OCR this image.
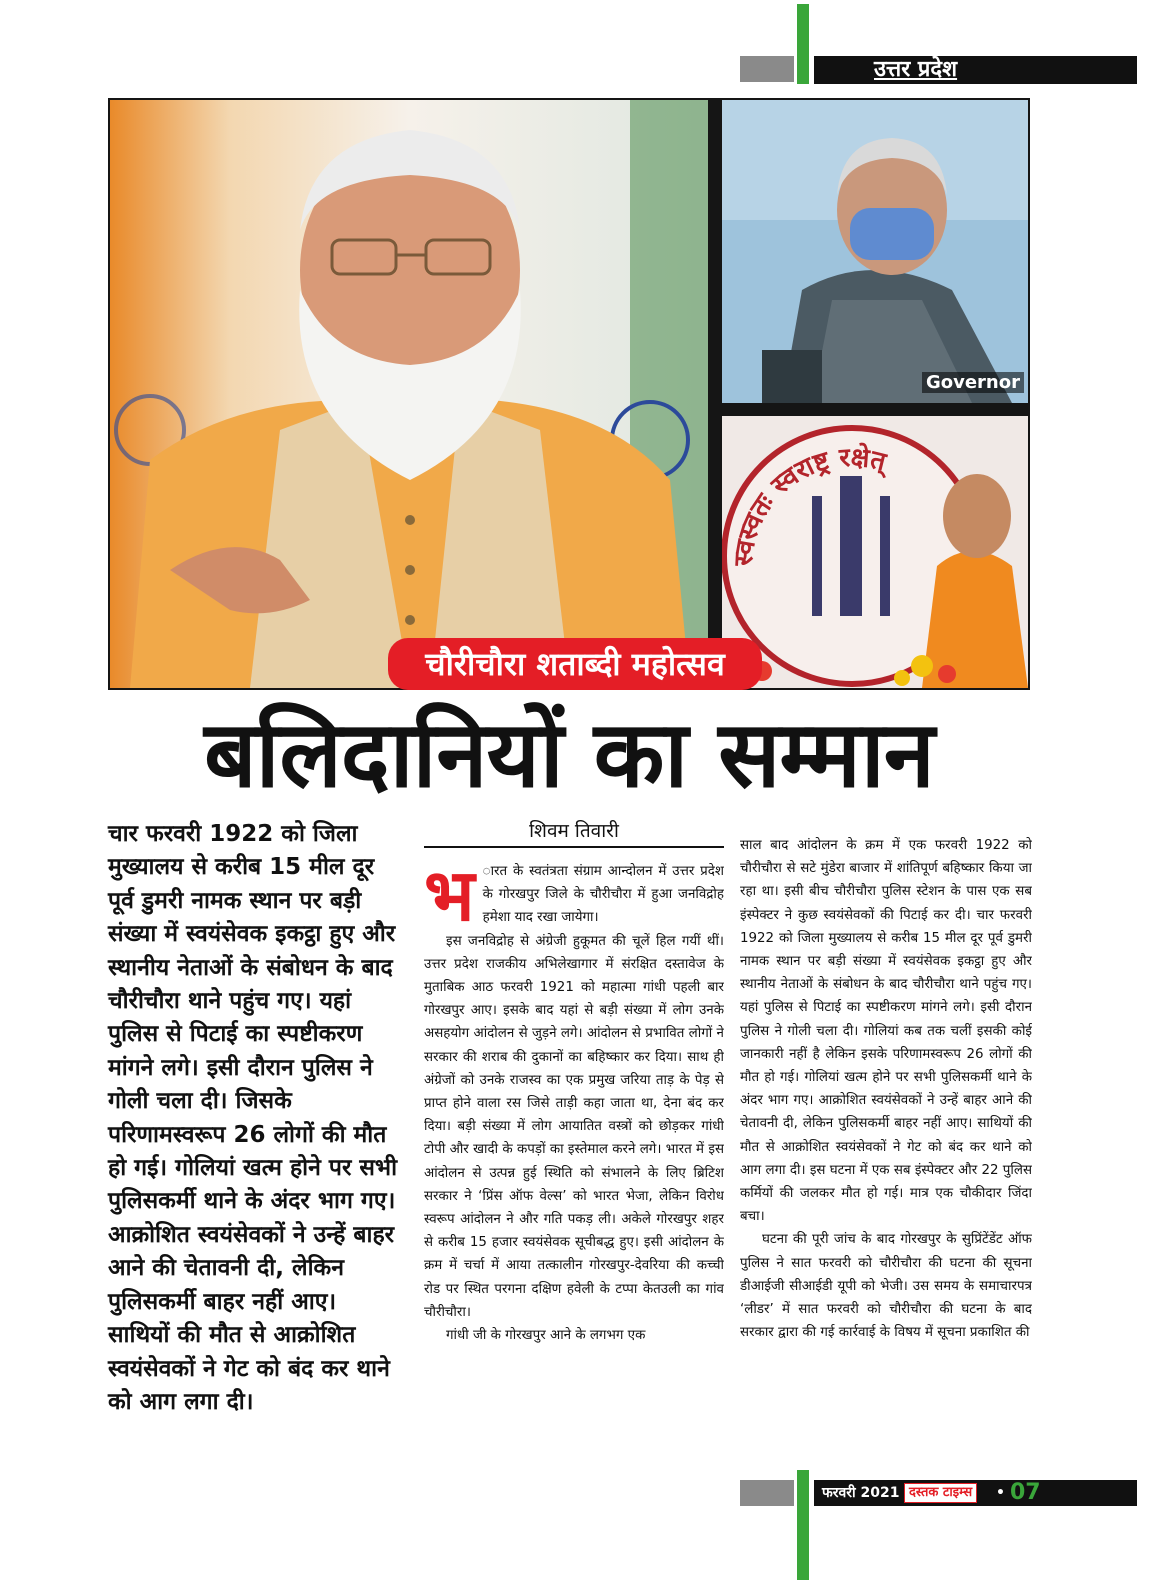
उत्तर प्रदेश
Governor
स्वस्वतः स्वराष्ट्र रक्षेत्
चौरीचौरा शताब्दी महोत्सव
बलिदानियों का सम्मान
चार फरवरी 1922 को जिला मुख्यालय से करीब 15 मील दूर पूर्व डुमरी नामक स्थान पर बड़ी संख्या में स्वयंसेवक इकट्ठा हुए और स्थानीय नेताओं के संबोधन के बाद चौरीचौरा थाने पहुंच गए। यहां पुलिस से पिटाई का स्पष्टीकरण मांगने लगे। इसी दौरान पुलिस ने गोली चला दी। जिसके परिणामस्वरूप 26 लोगों की मौत हो गई। गोलियां खत्म होने पर सभी पुलिसकर्मी थाने के अंदर भाग गए। आक्रोशित स्वयंसेवकों ने उन्हें बाहर आने की चेतावनी दी, लेकिन पुलिसकर्मी बाहर नहीं आए। साथियों की मौत से आक्रोशित स्वयंसेवकों ने गेट को बंद कर थाने को आग लगा दी।
शिवम तिवारी
भ ारत के स्वतंत्रता संग्राम आन्दोलन में उत्तर प्रदेश के गोरखपुर जिले के चौरीचौरा में हुआ जनविद्रोह हमेशा याद रखा जायेगा।

इस जनविद्रोह से अंग्रेजी हुकूमत की चूलें हिल गयीं थीं। उत्तर प्रदेश राजकीय अभिलेखागार में संरक्षित दस्तावेज के मुताबिक आठ फरवरी 1921 को महात्मा गांधी पहली बार गोरखपुर आए। इसके बाद यहां से बड़ी संख्या में लोग उनके असहयोग आंदोलन से जुड़ने लगे। आंदोलन से प्रभावित लोगों ने सरकार की शराब की दुकानों का बहिष्कार कर दिया। साथ ही अंग्रेजों को उनके राजस्व का एक प्रमुख जरिया ताड़ के पेड़ से प्राप्त होने वाला रस जिसे ताड़ी कहा जाता था, देना बंद कर दिया। बड़ी संख्या में लोग आयातित वस्त्रों को छोड़कर गांधी टोपी और खादी के कपड़ों का इस्तेमाल करने लगे। भारत में इस आंदोलन से उत्पन्न हुई स्थिति को संभालने के लिए ब्रिटिश सरकार ने ‘प्रिंस ऑफ वेल्स’ को भारत भेजा, लेकिन विरोध स्वरूप आंदोलन ने और गति पकड़ ली। अकेले गोरखपुर शहर से करीब 15 हजार स्वयंसेवक सूचीबद्ध हुए। इसी आंदोलन के क्रम में चर्चा में आया तत्कालीन गोरखपुर-देवरिया की कच्ची रोड पर स्थित परगना दक्षिण हवेली के टप्पा केतउली का गांव चौरीचौरा।

गांधी जी के गोरखपुर आने के लगभग एक

साल बाद आंदोलन के क्रम में एक फरवरी 1922 को चौरीचौरा से सटे मुंडेरा बाजार में शांतिपूर्ण बहिष्कार किया जा रहा था। इसी बीच चौरीचौरा पुलिस स्टेशन के पास एक सब इंस्पेक्टर ने कुछ स्वयंसेवकों की पिटाई कर दी। चार फरवरी 1922 को जिला मुख्यालय से करीब 15 मील दूर पूर्व डुमरी नामक स्थान पर बड़ी संख्या में स्वयंसेवक इकट्ठा हुए और स्थानीय नेताओं के संबोधन के बाद चौरीचौरा थाने पहुंच गए। यहां पुलिस से पिटाई का स्पष्टीकरण मांगने लगे। इसी दौरान पुलिस ने गोली चला दी। गोलियां कब तक चलीं इसकी कोई जानकारी नहीं है लेकिन इसके परिणामस्वरूप 26 लोगों की मौत हो गई। गोलियां खत्म होने पर सभी पुलिसकर्मी थाने के अंदर भाग गए। आक्रोशित स्वयंसेवकों ने उन्हें बाहर आने की चेतावनी दी, लेकिन पुलिसकर्मी बाहर नहीं आए। साथियों की मौत से आक्रोशित स्वयंसेवकों ने गेट को बंद कर थाने को आग लगा दी। इस घटना में एक सब इंस्पेक्टर और 22 पुलिस कर्मियों की जलकर मौत हो गई। मात्र एक चौकीदार जिंदा बचा।

घटना की पूरी जांच के बाद गोरखपुर के सुप्रिंटेंडेंट ऑफ पुलिस ने सात फरवरी को चौरीचौरा की घटना की सूचना डीआईजी सीआईडी यूपी को भेजी। उस समय के समाचारपत्र ‘लीडर’ में सात फरवरी को चौरीचौरा की घटना के बाद सरकार द्वारा की गई कार्रवाई के विषय में सूचना प्रकाशित की

फरवरी 2021 दस्तक टाइम्स	• 07
